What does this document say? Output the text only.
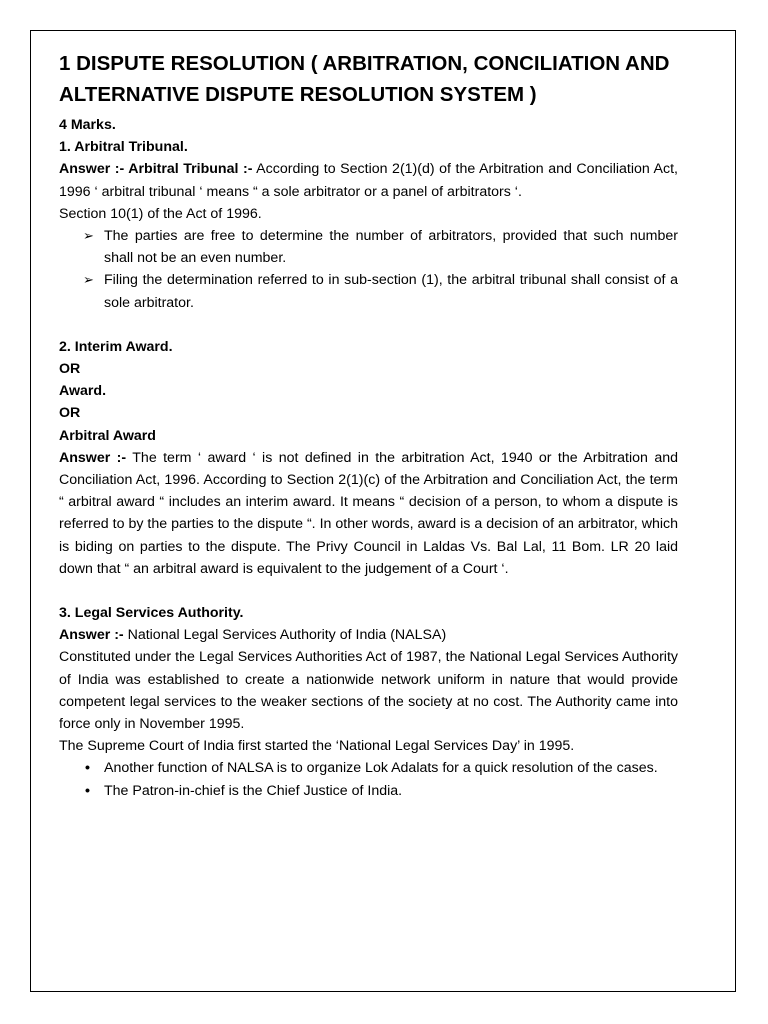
1 DISPUTE RESOLUTION ( ARBITRATION, CONCILIATION AND ALTERNATIVE DISPUTE RESOLUTION SYSTEM )
4 Marks.
1. Arbitral Tribunal.

Answer :- Arbitral Tribunal :- According to Section 2(1)(d) of the Arbitration and Conciliation Act, 1996 ‘ arbitral tribunal ‘ means “ a sole arbitrator or a panel of arbitrators ‘.

Section 10(1) of the Act of 1996.

➢ The parties are free to determine the number of arbitrators, provided that such number shall not be an even number.
➢ Filing the determination referred to in sub-section (1), the arbitral tribunal shall consist of a sole arbitrator.
2. Interim Award.
OR
Award.
OR
Arbitral Award

Answer :- The term ‘ award ‘ is not defined in the arbitration Act, 1940 or the Arbitration and Conciliation Act, 1996. According to Section 2(1)(c) of the Arbitration and Conciliation Act, the term “ arbitral award “ includes an interim award. It means “ decision of a person, to whom a dispute is referred to by the parties to the dispute “. In other words, award is a decision of an arbitrator, which is biding on parties to the dispute. The Privy Council in Laldas Vs. Bal Lal, 11 Bom. LR 20 laid down that “ an arbitral award is equivalent to the judgement of a Court ‘.

3. Legal Services Authority.

Answer :- National Legal Services Authority of India (NALSA)

Constituted under the Legal Services Authorities Act of 1987, the National Legal Services Authority of India was established to create a nationwide network uniform in nature that would provide competent legal services to the weaker sections of the society at no cost. The Authority came into force only in November 1995.

The Supreme Court of India first started the ‘National Legal Services Day’ in 1995.

• Another function of NALSA is to organize Lok Adalats for a quick resolution of the cases.
• The Patron-in-chief is the Chief Justice of India.
